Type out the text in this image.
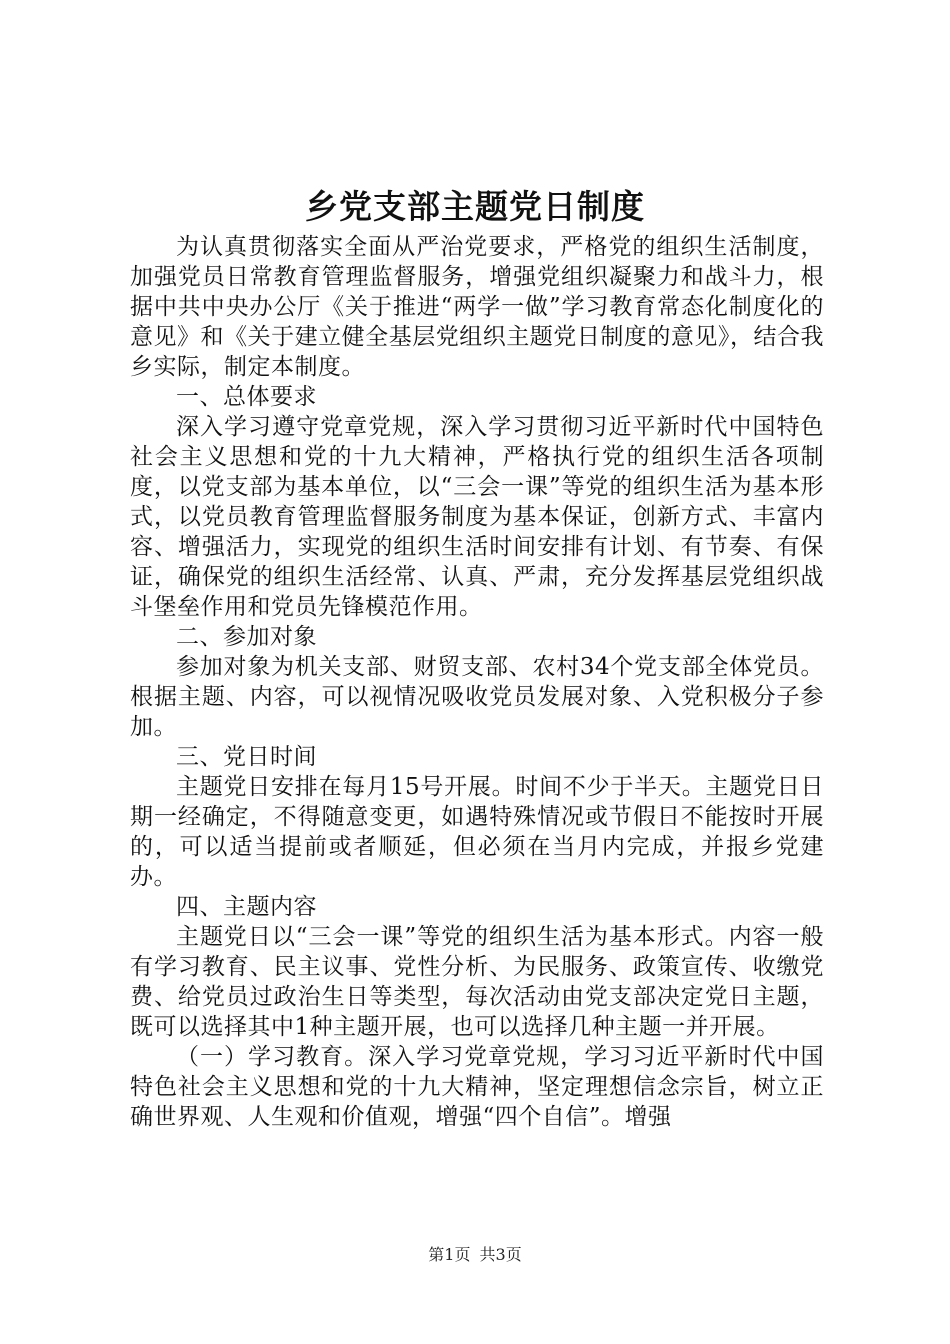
乡党支部主题党日制度

为认真贯彻落实全面从严治党要求，严格党的组织生活制度，加强党员日常教育管理监督服务，增强党组织凝聚力和战斗力，根据中共中央办公厅《关于推进“两学一做”学习教育常态化制度化的意见》和《关于建立健全基层党组织主题党日制度的意见》，结合我乡实际，制定本制度。

一、总体要求

深入学习遵守党章党规，深入学习贯彻习近平新时代中国特色社会主义思想和党的十九大精神，严格执行党的组织生活各项制度，以党支部为基本单位，以“三会一课”等党的组织生活为基本形式，以党员教育管理监督服务制度为基本保证，创新方式、丰富内容、增强活力，实现党的组织生活时间安排有计划、有节奏、有保证，确保党的组织生活经常、认真、严肃，充分发挥基层党组织战斗堡垒作用和党员先锋模范作用。

二、参加对象

参加对象为机关支部、财贸支部、农村34个党支部全体党员。根据主题、内容，可以视情况吸收党员发展对象、入党积极分子参加。

三、党日时间

主题党日安排在每月15号开展。时间不少于半天。主题党日日期一经确定，不得随意变更，如遇特殊情况或节假日不能按时开展的，可以适当提前或者顺延，但必须在当月内完成，并报乡党建办。

四、主题内容

主题党日以“三会一课”等党的组织生活为基本形式。内容一般有学习教育、民主议事、党性分析、为民服务、政策宣传、收缴党费、给党员过政治生日等类型，每次活动由党支部决定党日主题，既可以选择其中1种主题开展，也可以选择几种主题一并开展。

（一）学习教育。深入学习党章党规，学习习近平新时代中国特色社会主义思想和党的十九大精神，坚定理想信念宗旨，树立正确世界观、人生观和价值观，增强“四个自信”。增强

第1页 共3页
